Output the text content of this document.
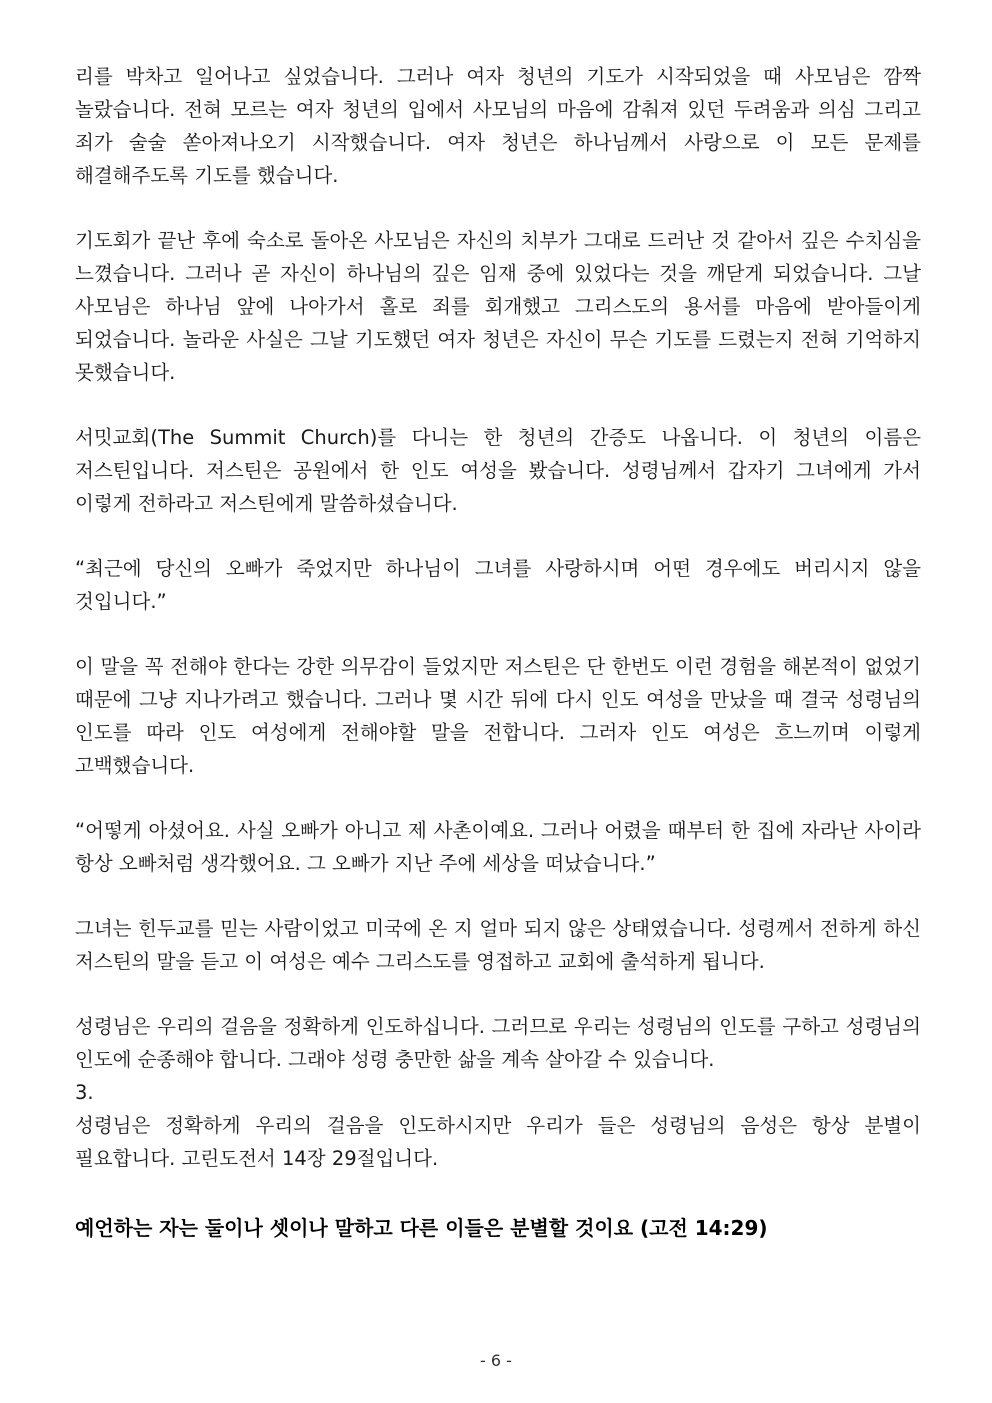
리를 박차고 일어나고 싶었습니다. 그러나 여자 청년의 기도가 시작되었을 때 사모님은 깜짝 놀랐습니다. 전혀 모르는 여자 청년의 입에서 사모님의 마음에 감춰져 있던 두려움과 의심 그리고 죄가 술술 쏟아져나오기 시작했습니다. 여자 청년은 하나님께서 사랑으로 이 모든 문제를 해결해주도록 기도를 했습니다.

기도회가 끝난 후에 숙소로 돌아온 사모님은 자신의 치부가 그대로 드러난 것 같아서 깊은 수치심을 느꼈습니다. 그러나 곧 자신이 하나님의 깊은 임재 중에 있었다는 것을 깨닫게 되었습니다. 그날 사모님은 하나님 앞에 나아가서 홀로 죄를 회개했고 그리스도의 용서를 마음에 받아들이게 되었습니다. 놀라운 사실은 그날 기도했던 여자 청년은 자신이 무슨 기도를 드렸는지 전혀 기억하지 못했습니다.

서밋교회(The Summit Church)를 다니는 한 청년의 간증도 나옵니다. 이 청년의 이름은 저스틴입니다. 저스틴은 공원에서 한 인도 여성을 봤습니다. 성령님께서 갑자기 그녀에게 가서 이렇게 전하라고 저스틴에게 말씀하셨습니다.

“최근에 당신의 오빠가 죽었지만 하나님이 그녀를 사랑하시며 어떤 경우에도 버리시지 않을 것입니다.”

이 말을 꼭 전해야 한다는 강한 의무감이 들었지만 저스틴은 단 한번도 이런 경험을 해본적이 없었기 때문에 그냥 지나가려고 했습니다. 그러나 몇 시간 뒤에 다시 인도 여성을 만났을 때 결국 성령님의 인도를 따라 인도 여성에게 전해야할 말을 전합니다. 그러자 인도 여성은 흐느끼며 이렇게 고백했습니다.

“어떻게 아셨어요. 사실 오빠가 아니고 제 사촌이예요. 그러나 어렸을 때부터 한 집에 자라난 사이라 항상 오빠처럼 생각했어요. 그 오빠가 지난 주에 세상을 떠났습니다.”

그녀는 힌두교를 믿는 사람이었고 미국에 온 지 얼마 되지 않은 상태였습니다. 성령께서 전하게 하신 저스틴의 말을 듣고 이 여성은 예수 그리스도를 영접하고 교회에 출석하게 됩니다.

성령님은 우리의 걸음을 정확하게 인도하십니다. 그러므로 우리는 성령님의 인도를 구하고 성령님의 인도에 순종해야 합니다. 그래야 성령 충만한 삶을 계속 살아갈 수 있습니다.

3.

성령님은 정확하게 우리의 걸음을 인도하시지만 우리가 들은 성령님의 음성은 항상 분별이 필요합니다. 고린도전서 14장 29절입니다.

예언하는 자는 둘이나 셋이나 말하고 다른 이들은 분별할 것이요 (고전 14:29)

- 6 -
